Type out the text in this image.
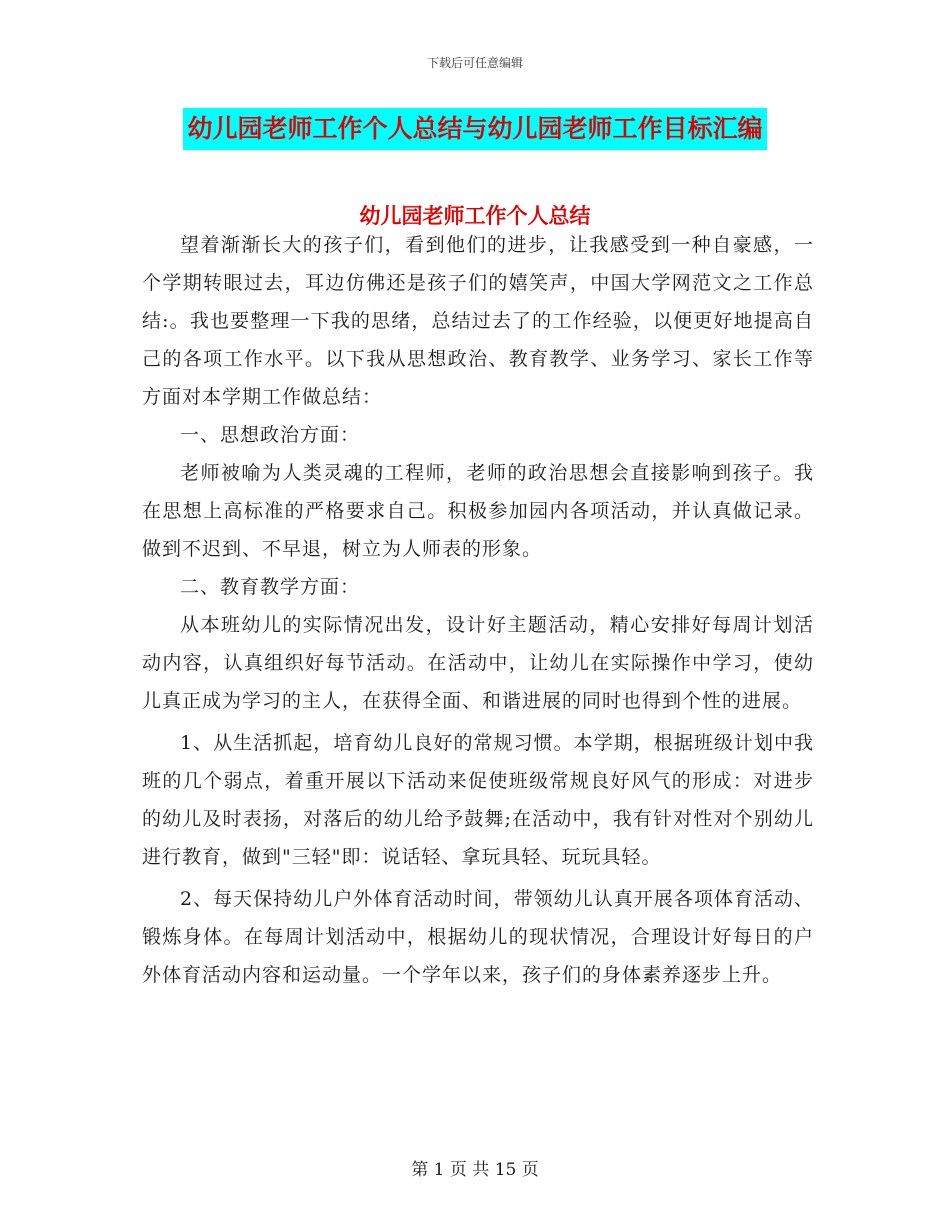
下载后可任意编辑
幼儿园老师工作个人总结与幼儿园老师工作目标汇编
幼儿园老师工作个人总结

望着渐渐长大的孩子们，看到他们的进步，让我感受到一种自豪感，一个学期转眼过去，耳边仿佛还是孩子们的嬉笑声，中国大学网范文之工作总结:。我也要整理一下我的思绪，总结过去了的工作经验，以便更好地提高自己的各项工作水平。以下我从思想政治、教育教学、业务学习、家长工作等方面对本学期工作做总结：

一、思想政治方面：

老师被喻为人类灵魂的工程师，老师的政治思想会直接影响到孩子。我在思想上高标准的严格要求自己。积极参加园内各项活动，并认真做记录。做到不迟到、不早退，树立为人师表的形象。

二、教育教学方面：

从本班幼儿的实际情况出发，设计好主题活动，精心安排好每周计划活动内容，认真组织好每节活动。在活动中，让幼儿在实际操作中学习，使幼儿真正成为学习的主人，在获得全面、和谐进展的同时也得到个性的进展。

1、从生活抓起，培育幼儿良好的常规习惯。本学期，根据班级计划中我班的几个弱点，着重开展以下活动来促使班级常规良好风气的形成：对进步的幼儿及时表扬，对落后的幼儿给予鼓舞;在活动中，我有针对性对个别幼儿进行教育，做到"三轻"即：说话轻、拿玩具轻、玩玩具轻。

2、每天保持幼儿户外体育活动时间，带领幼儿认真开展各项体育活动、锻炼身体。在每周计划活动中，根据幼儿的现状情况，合理设计好每日的户外体育活动内容和运动量。一个学年以来，孩子们的身体素养逐步上升。

第 1 页 共 15 页
